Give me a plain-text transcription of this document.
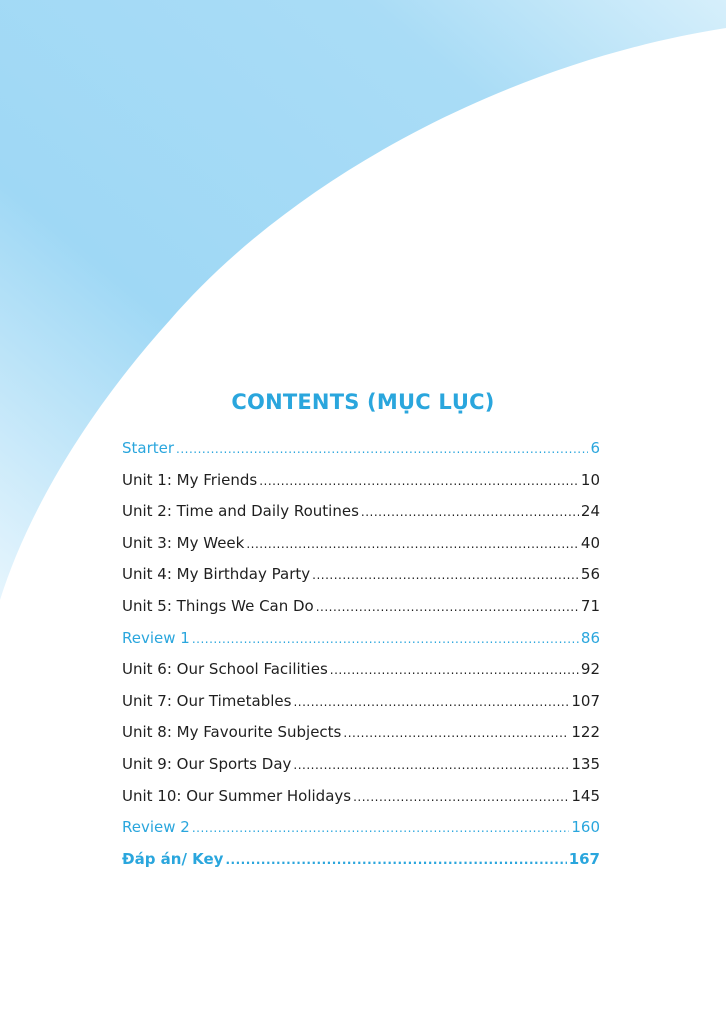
CONTENTS (MỤC LỤC)
Starter .....	6
Unit 1: My Friends .....	10
Unit 2: Time and Daily Routines .....	24
Unit 3: My Week .....	40
Unit 4: My Birthday Party .....	56
Unit 5: Things We Can Do .....	71
Review 1 .....	86
Unit 6: Our School Facilities .....	92
Unit 7: Our Timetables .....	107
Unit 8: My Favourite Subjects .....	122
Unit 9: Our Sports Day .....	135
Unit 10: Our Summer Holidays .....	145
Review 2 .....	160
Đáp án/ Key .....	167
